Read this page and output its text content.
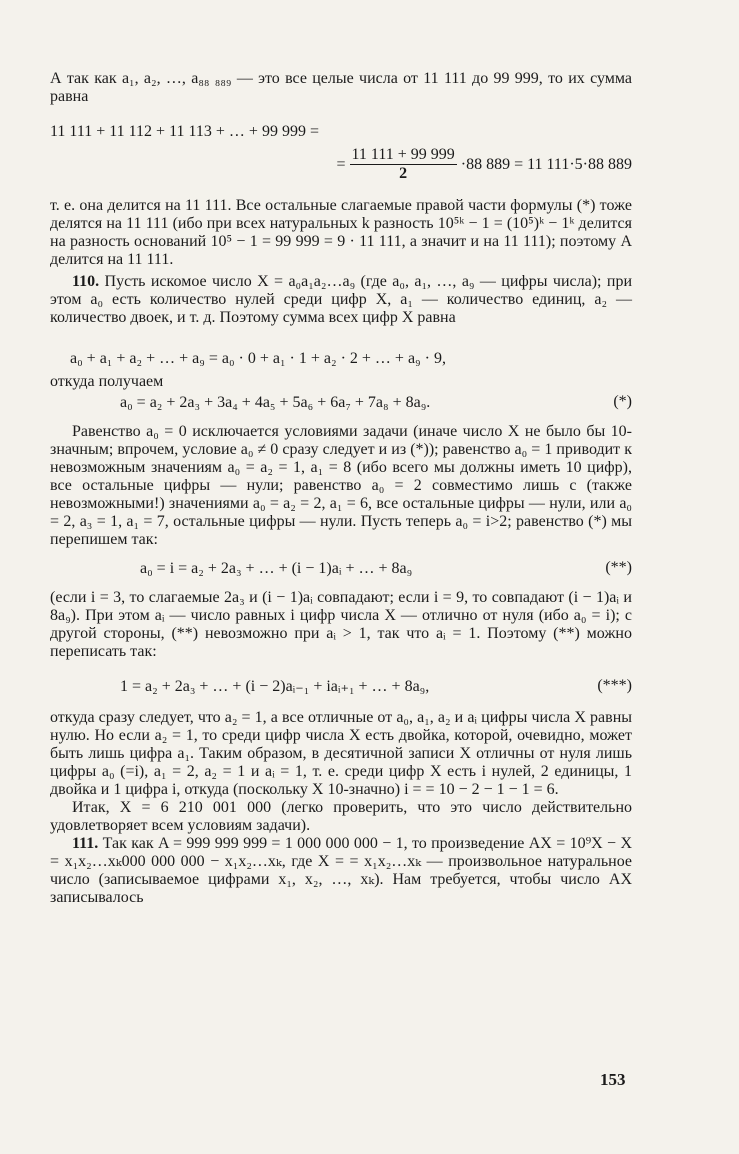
А так как a₁, a₂, …, a₈₈ ₈₈₉ — это все целые числа от 11 111 до 99 999, то их сумма равна

11 111 + 11 112 + 11 113 + … + 99 999 =
= $\frac{11 111 + 99 999}{2} \cdot 88$ 889 = 11 111·5·88 889

т. е. она делится на 11 111. Все остальные слагаемые правой части формулы (*) тоже делятся на 11 111 (ибо при всех натуральных k разность 10⁵ᵏ − 1 = (10⁵)ᵏ − 1ᵏ делится на разность оснований 10⁵ − 1 = 99 999 = 9 · 11 111, а значит и на 11 111); поэтому A делится на 11 111.

110. Пусть искомое число X = a₀a₁a₂…a₉ (где a₀, a₁, …, a₉ — цифры числа); при этом a₀ есть количество нулей среди цифр X, a₁ — количество единиц, a₂ — количество двоек, и т. д. Поэтому сумма всех цифр X равна

a₀ + a₁ + a₂ + … + a₉ = a₀ · 0 + a₁ · 1 + a₂ · 2 + … + a₉ · 9,

откуда получаем

a₀ = a₂ + 2a₃ + 3a₄ + 4a₅ + 5a₆ + 6a₇ + 7a₈ + 8a₉.	(*)

Равенство a₀ = 0 исключается условиями задачи (иначе число X не было бы 10-значным; впрочем, условие a₀ ≠ 0 сразу следует и из (*)); равенство a₀ = 1 приводит к невозможным значениям a₀ = a₂ = 1, a₁ = 8 (ибо всего мы должны иметь 10 цифр), все остальные цифры — нули; равенство a₀ = 2 совместимо лишь с (также невозможными!) значениями a₀ = a₂ = 2, a₁ = 6, все остальные цифры — нули, или a₀ = 2, a₃ = 1, a₁ = 7, остальные цифры — нули. Пусть теперь a₀ = i>2; равенство (*) мы перепишем так:

a₀ = i = a₂ + 2a₃ + … + (i − 1)aᵢ + … + 8a₉	(**)

(если i = 3, то слагаемые 2a₃ и (i − 1)aᵢ совпадают; если i = 9, то совпадают (i − 1)aᵢ и 8a₉). При этом aᵢ — число равных i цифр числа X — отлично от нуля (ибо a₀ = i); с другой стороны, (**) невозможно при aᵢ > 1, так что aᵢ = 1. Поэтому (**) можно переписать так:

1 = a₂ + 2a₃ + … + (i − 2)aᵢ₋₁ + iaᵢ₊₁ + … + 8a₉,	(***)

откуда сразу следует, что a₂ = 1, а все отличные от a₀, a₁, a₂ и aᵢ цифры числа X равны нулю. Но если a₂ = 1, то среди цифр числа X есть двойка, которой, очевидно, может быть лишь цифра a₁. Таким образом, в десятичной записи X отличны от нуля лишь цифры a₀ (=i), a₁ = 2, a₂ = 1 и aᵢ = 1, т. е. среди цифр X есть i нулей, 2 единицы, 1 двойка и 1 цифра i, откуда (поскольку X 10-значно) i = = 10 − 2 − 1 − 1 = 6.

Итак, X = 6 210 001 000 (легко проверить, что это число действительно удовлетворяет всем условиям задачи).

111. Так как A = 999 999 999 = 1 000 000 000 − 1, то произведение AX = 10⁹X − X = x₁x₂…xₖ000 000 000 − x₁x₂…xₖ, где X = = x₁x₂…xₖ — произвольное натуральное число (записываемое цифрами x₁, x₂, …, xₖ). Нам требуется, чтобы число AX записывалось

153
